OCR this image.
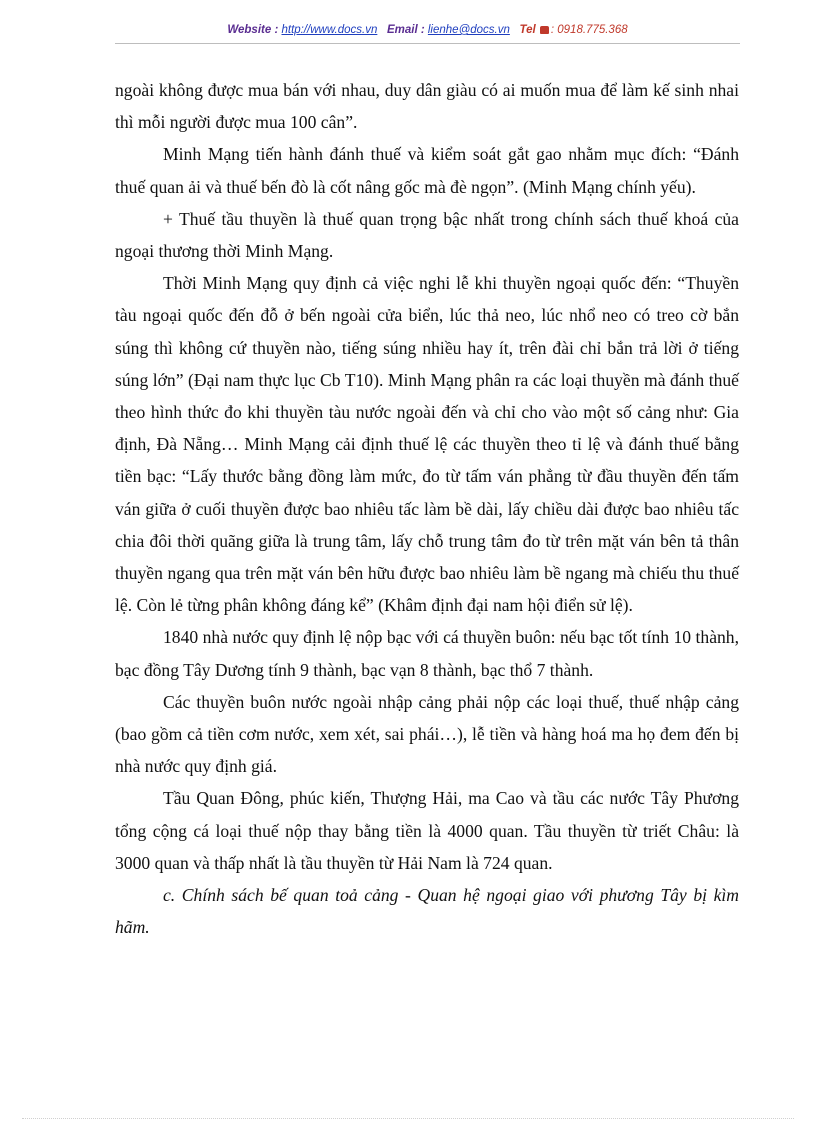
Website : http://www.docs.vn Email : lienhe@docs.vn Tel : 0918.775.368

ngoài không được mua bán với nhau, duy dân giàu có ai muốn mua để làm kế sinh nhai thì mỗi người được mua 100 cân”.

Minh Mạng tiến hành đánh thuế và kiểm soát gắt gao nhằm mục đích: “Đánh thuế quan ải và thuế bến đò là cốt nâng gốc mà đè ngọn”. (Minh Mạng chính yếu).

+ Thuế tầu thuyền là thuế quan trọng bậc nhất trong chính sách thuế khoá của ngoại thương thời Minh Mạng.

Thời Minh Mạng quy định cả việc nghi lễ khi thuyền ngoại quốc đến: “Thuyền tàu ngoại quốc đến đỗ ở bến ngoài cửa biển, lúc thả neo, lúc nhổ neo có treo cờ bắn súng thì không cứ thuyền nào, tiếng súng nhiều hay ít, trên đài chỉ bắn trả lời ở tiếng súng lớn” (Đại nam thực lục Cb T10). Minh Mạng phân ra các loại thuyền mà đánh thuế theo hình thức đo khi thuyền tàu nước ngoài đến và chỉ cho vào một số cảng như: Gia định, Đà Nẵng… Minh Mạng cải định thuế lệ các thuyền theo tỉ lệ và đánh thuế bằng tiền bạc: “Lấy thước bằng đồng làm mức, đo từ tấm ván phẳng từ đầu thuyền đến tấm ván giữa ở cuối thuyền được bao nhiêu tấc làm bề dài, lấy chiều dài được bao nhiêu tấc chia đôi thời quãng giữa là trung tâm, lấy chỗ trung tâm đo từ trên mặt ván bên tả thân thuyền ngang qua trên mặt ván bên hữu được bao nhiêu làm bề ngang mà chiếu thu thuế lệ. Còn lẻ từng phân không đáng kể” (Khâm định đại nam hội điển sử lệ).

1840 nhà nước quy định lệ nộp bạc với cá thuyền buôn: nếu bạc tốt tính 10 thành, bạc đồng Tây Dương tính 9 thành, bạc vạn 8 thành, bạc thổ 7 thành.

Các thuyền buôn nước ngoài nhập cảng phải nộp các loại thuế, thuế nhập cảng (bao gồm cả tiền cơm nước, xem xét, sai phái…), lễ tiền và hàng hoá ma họ đem đến bị nhà nước quy định giá.

Tầu Quan Đông, phúc kiến, Thượng Hải, ma Cao và tầu các nước Tây Phương tổng cộng cá loại thuế nộp thay bằng tiền là 4000 quan. Tầu thuyền từ triết Châu: là 3000 quan và thấp nhất là tầu thuyền từ Hải Nam là 724 quan.

c. Chính sách bế quan toả cảng - Quan hệ ngoại giao với phương Tây bị kìm hãm.
